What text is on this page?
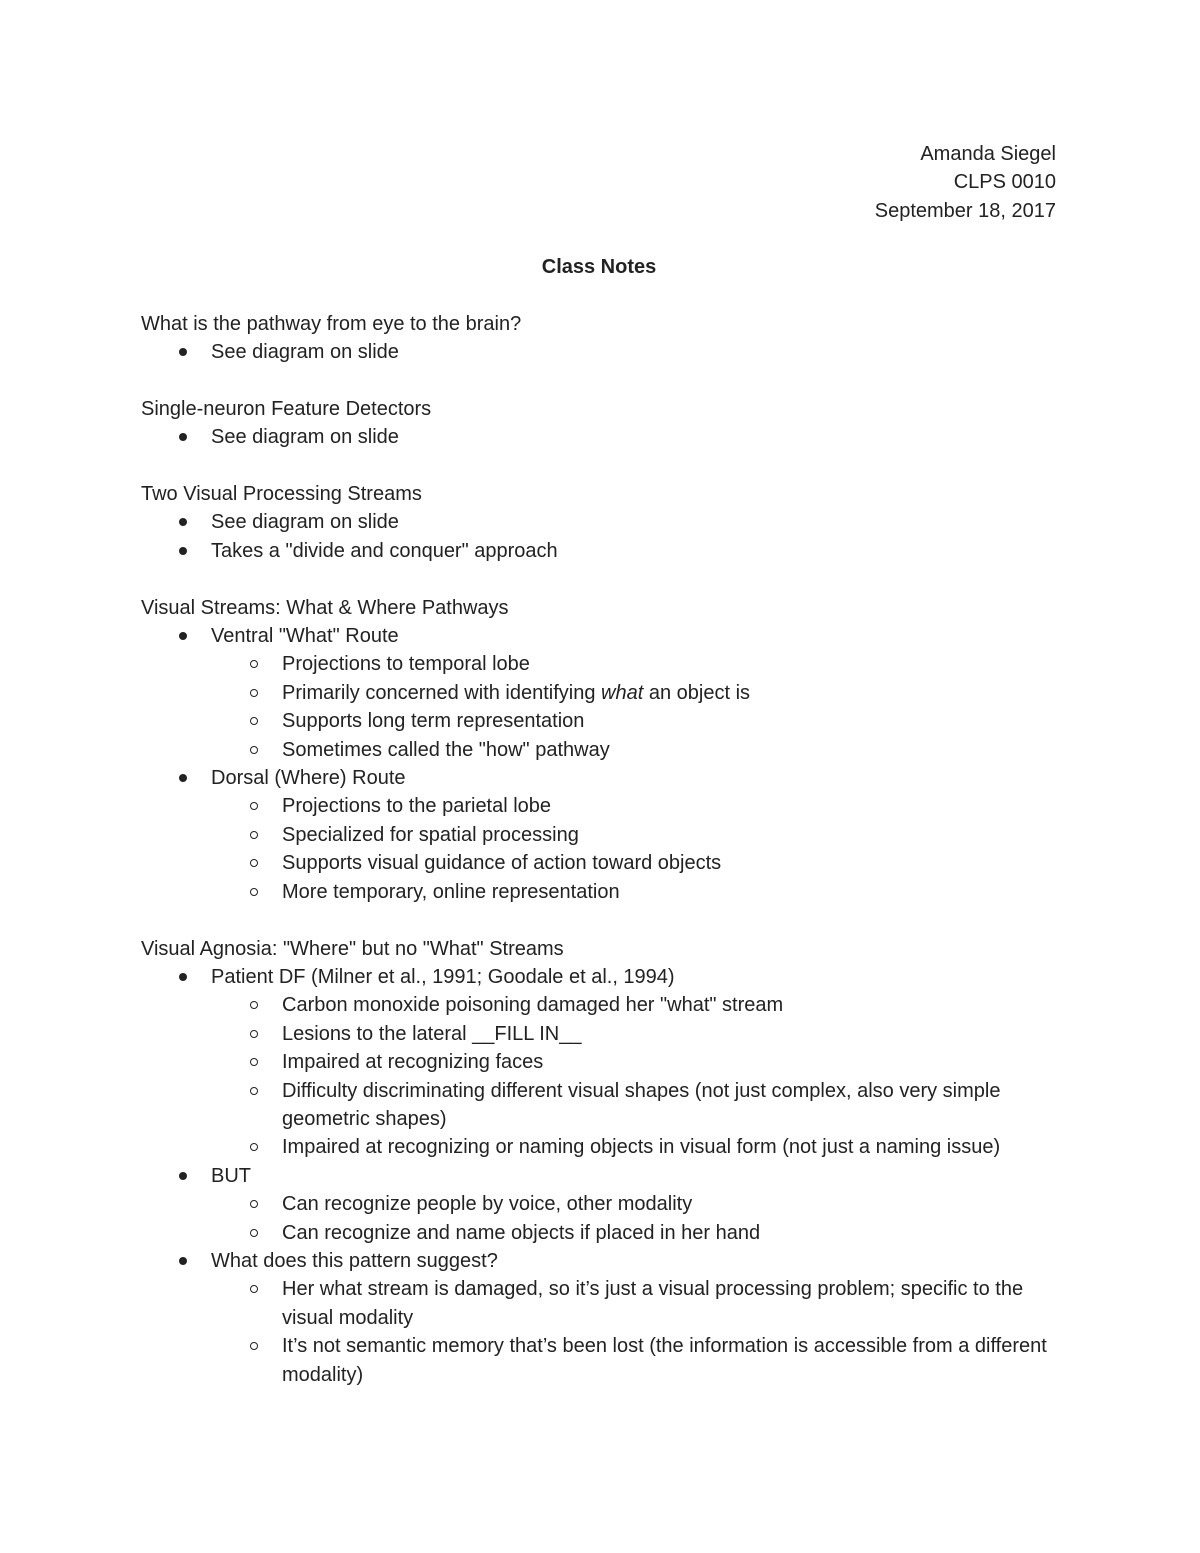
Amanda Siegel
CLPS 0010
September 18, 2017
Class Notes
What is the pathway from eye to the brain?
See diagram on slide
Single-neuron Feature Detectors
See diagram on slide
Two Visual Processing Streams
See diagram on slide
Takes a "divide and conquer" approach
Visual Streams: What & Where Pathways
Ventral "What" Route
Projections to temporal lobe
Primarily concerned with identifying what an object is
Supports long term representation
Sometimes called the "how" pathway
Dorsal (Where) Route
Projections to the parietal lobe
Specialized for spatial processing
Supports visual guidance of action toward objects
More temporary, online representation
Visual Agnosia: "Where" but no "What" Streams
Patient DF (Milner et al., 1991; Goodale et al., 1994)
Carbon monoxide poisoning damaged her "what" stream
Lesions to the lateral __FILL IN__
Impaired at recognizing faces
Difficulty discriminating different visual shapes (not just complex, also very simple geometric shapes)
Impaired at recognizing or naming objects in visual form (not just a naming issue)
BUT
Can recognize people by voice, other modality
Can recognize and name objects if placed in her hand
What does this pattern suggest?
Her what stream is damaged, so it’s just a visual processing problem; specific to the visual modality
It’s not semantic memory that’s been lost (the information is accessible from a different modality)
